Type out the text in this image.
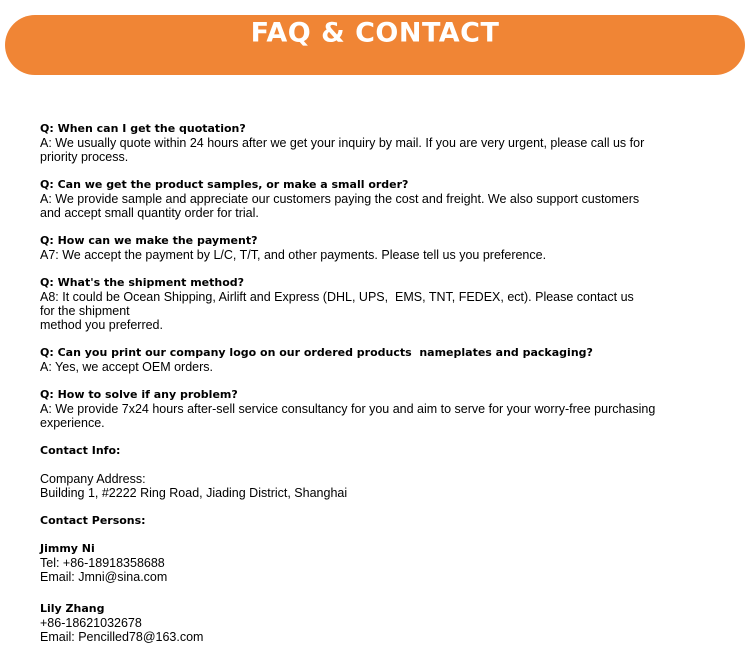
FAQ & CONTACT
Q: When can I get the quotation?
A: We usually quote within 24 hours after we get your inquiry by mail. If you are very urgent, please call us for
priority process.
Q: Can we get the product samples, or make a small order?
A: We provide sample and appreciate our customers paying the cost and freight. We also support customers
and accept small quantity order for trial.
Q: How can we make the payment?
A7: We accept the payment by L/C, T/T, and other payments. Please tell us you preference.
Q: What's the shipment method?
A8: It could be Ocean Shipping, Airlift and Express (DHL, UPS,  EMS, TNT, FEDEX, ect). Please contact us
for the shipment
method you preferred.
Q: Can you print our company logo on our ordered products  nameplates and packaging?
A: Yes, we accept OEM orders.
Q: How to solve if any problem?
A: We provide 7x24 hours after-sell service consultancy for you and aim to serve for your worry-free purchasing
experience.
Contact Info:
Company Address:
Building 1, #2222 Ring Road, Jiading District, Shanghai
Contact Persons:
Jimmy Ni
Tel: +86-18918358688
Email: Jmni@sina.com
Lily Zhang
+86-18621032678
Email: Pencilled78@163.com
